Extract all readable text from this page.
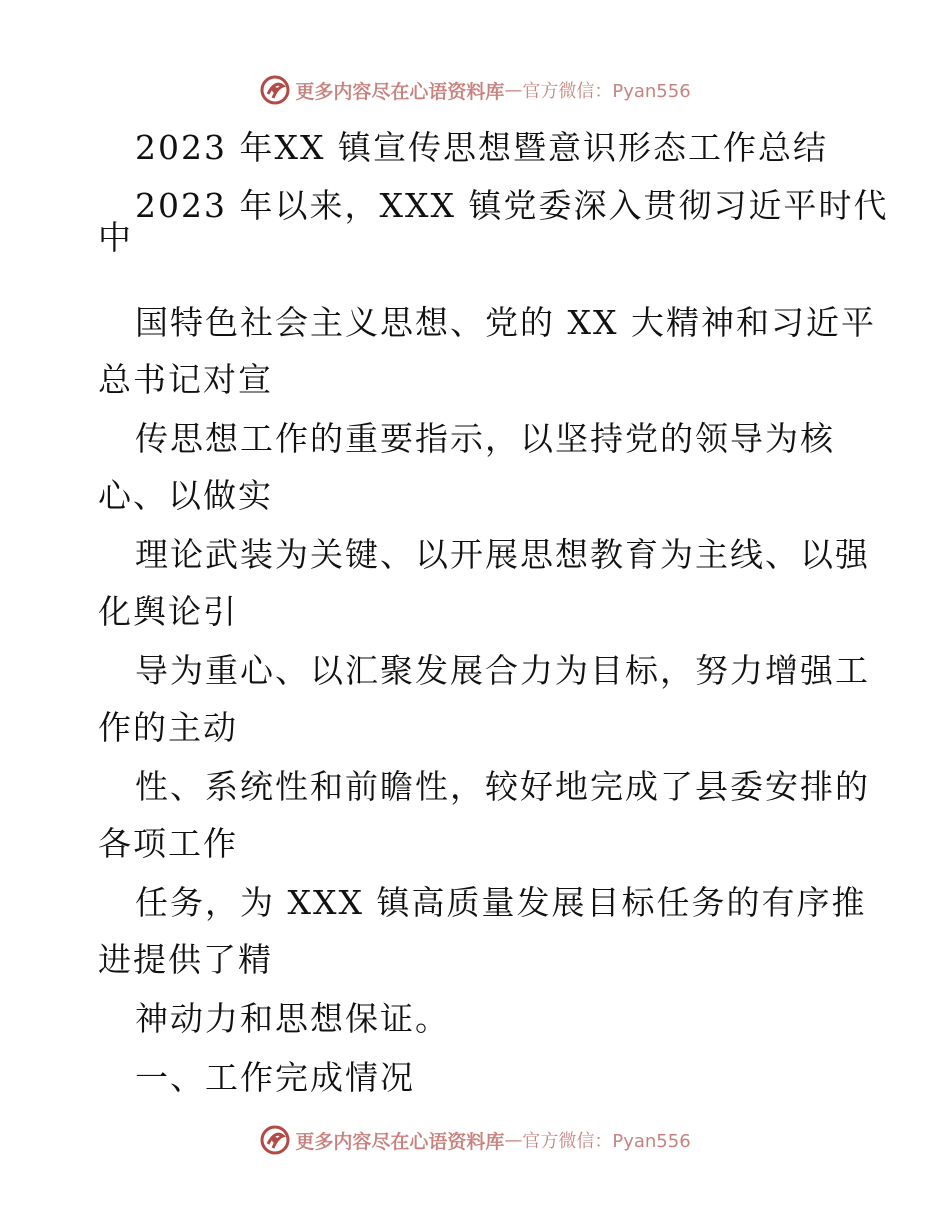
更多内容尽在心语资料库 — 官方微信：Pyan556
2023 年XX 镇宣传思想暨意识形态工作总结
2023 年以来，XXX 镇党委深入贯彻习近平时代
中
国特色社会主义思想、党的 XX 大精神和习近平
总书记对宣
传思想工作的重要指示，以坚持党的领导为核
心、以做实
理论武装为关键、以开展思想教育为主线、以强
化舆论引
导为重心、以汇聚发展合力为目标，努力增强工
作的主动
性、系统性和前瞻性，较好地完成了县委安排的
各项工作
任务，为 XXX 镇高质量发展目标任务的有序推
进提供了精
神动力和思想保证。
一、工作完成情况
更多内容尽在心语资料库 — 官方微信：Pyan556
